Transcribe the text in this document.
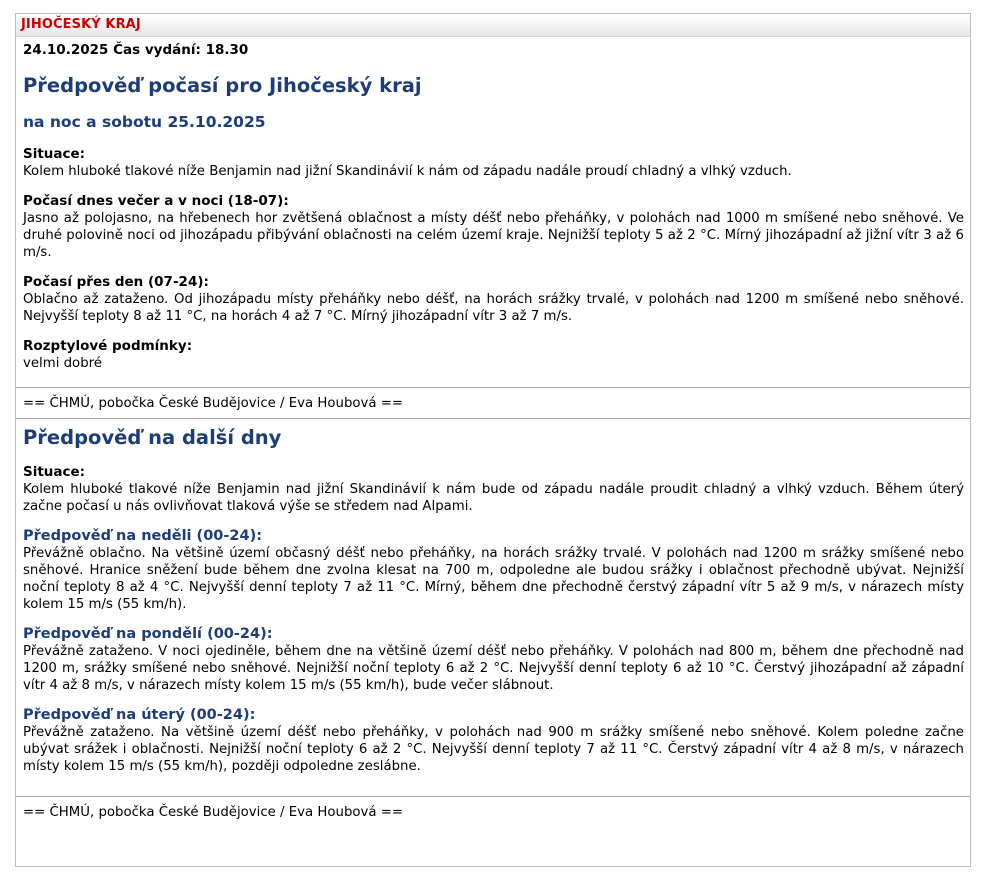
JIHOČESKÝ KRAJ
24.10.2025 Čas vydání: 18.30
Předpověď počasí pro Jihočeský kraj
na noc a sobotu 25.10.2025
Situace:
Kolem hluboké tlakové níže Benjamin nad jižní Skandinávií k nám od západu nadále proudí chladný a vlhký vzduch.
Počasí dnes večer a v noci (18-07):
Jasno až polojasno, na hřebenech hor zvětšená oblačnost a místy déšť nebo přeháňky, v polohách nad 1000 m smíšené nebo sněhové. Ve druhé polovině noci od jihozápadu přibývání oblačnosti na celém území kraje. Nejnižší teploty 5 až 2 °C. Mírný jihozápadní až jižní vítr 3 až 6 m/s.
Počasí přes den (07-24):
Oblačno až zataženo. Od jihozápadu místy přeháňky nebo déšť, na horách srážky trvalé, v polohách nad 1200 m smíšené nebo sněhové. Nejvyšší teploty 8 až 11 °C, na horách 4 až 7 °C. Mírný jihozápadní vítr 3 až 7 m/s.
Rozptylové podmínky:
velmi dobré
== ČHMÚ, pobočka České Budějovice / Eva Houbová ==
Předpověď na další dny
Situace:
Kolem hluboké tlakové níže Benjamin nad jižní Skandinávií k nám bude od západu nadále proudit chladný a vlhký vzduch. Během úterý začne počasí u nás ovlivňovat tlaková výše se středem nad Alpami.
Předpověď na neděli (00-24):
Převážně oblačno. Na většině území občasný déšť nebo přeháňky, na horách srážky trvalé. V polohách nad 1200 m srážky smíšené nebo sněhové. Hranice sněžení bude během dne zvolna klesat na 700 m, odpoledne ale budou srážky i oblačnost přechodně ubývat. Nejnižší noční teploty 8 až 4 °C. Nejvyšší denní teploty 7 až 11 °C. Mírný, během dne přechodně čerstvý západní vítr 5 až 9 m/s, v nárazech místy kolem 15 m/s (55 km/h).
Předpověď na pondělí (00-24):
Převážně zataženo. V noci ojediněle, během dne na většině území déšť nebo přeháňky. V polohách nad 800 m, během dne přechodně nad 1200 m, srážky smíšené nebo sněhové. Nejnižší noční teploty 6 až 2 °C. Nejvyšší denní teploty 6 až 10 °C. Čerstvý jihozápadní až západní vítr 4 až 8 m/s, v nárazech místy kolem 15 m/s (55 km/h), bude večer slábnout.
Předpověď na úterý (00-24):
Převážně zataženo. Na většině území déšť nebo přeháňky, v polohách nad 900 m srážky smíšené nebo sněhové. Kolem poledne začne ubývat srážek i oblačnosti. Nejnižší noční teploty 6 až 2 °C. Nejvyšší denní teploty 7 až 11 °C. Čerstvý západní vítr 4 až 8 m/s, v nárazech místy kolem 15 m/s (55 km/h), později odpoledne zeslábne.
== ČHMÚ, pobočka České Budějovice / Eva Houbová ==
